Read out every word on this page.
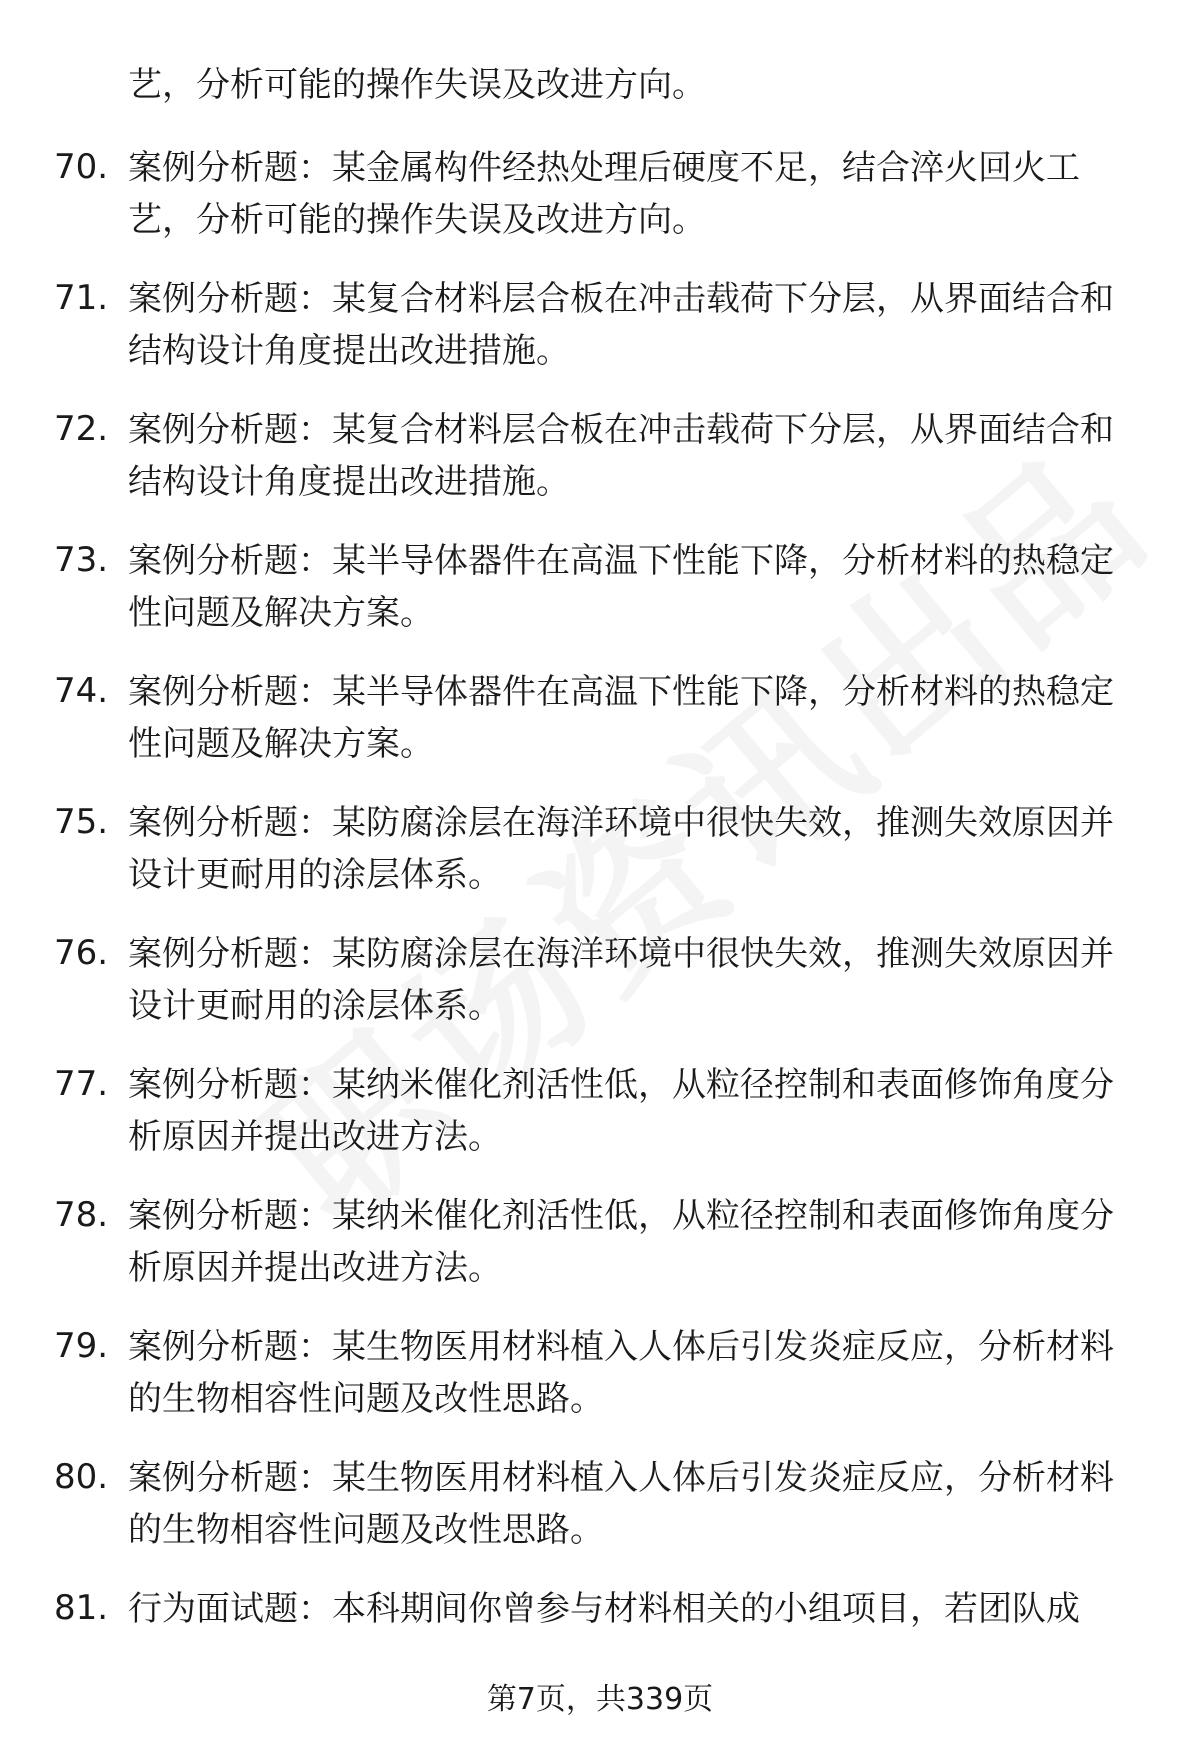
艺，分析可能的操作失误及改进方向。
70. 案例分析题：某金属构件经热处理后硬度不足，结合淬火回火工艺，分析可能的操作失误及改进方向。
71. 案例分析题：某复合材料层合板在冲击载荷下分层，从界面结合和结构设计角度提出改进措施。
72. 案例分析题：某复合材料层合板在冲击载荷下分层，从界面结合和结构设计角度提出改进措施。
73. 案例分析题：某半导体器件在高温下性能下降，分析材料的热稳定性问题及解决方案。
74. 案例分析题：某半导体器件在高温下性能下降，分析材料的热稳定性问题及解决方案。
75. 案例分析题：某防腐涂层在海洋环境中很快失效，推测失效原因并设计更耐用的涂层体系。
76. 案例分析题：某防腐涂层在海洋环境中很快失效，推测失效原因并设计更耐用的涂层体系。
77. 案例分析题：某纳米催化剂活性低，从粒径控制和表面修饰角度分析原因并提出改进方法。
78. 案例分析题：某纳米催化剂活性低，从粒径控制和表面修饰角度分析原因并提出改进方法。
79. 案例分析题：某生物医用材料植入人体后引发炎症反应，分析材料的生物相容性问题及改性思路。
80. 案例分析题：某生物医用材料植入人体后引发炎症反应，分析材料的生物相容性问题及改性思路。
81. 行为面试题：本科期间你曾参与材料相关的小组项目，若团队成
第7页，共339页
